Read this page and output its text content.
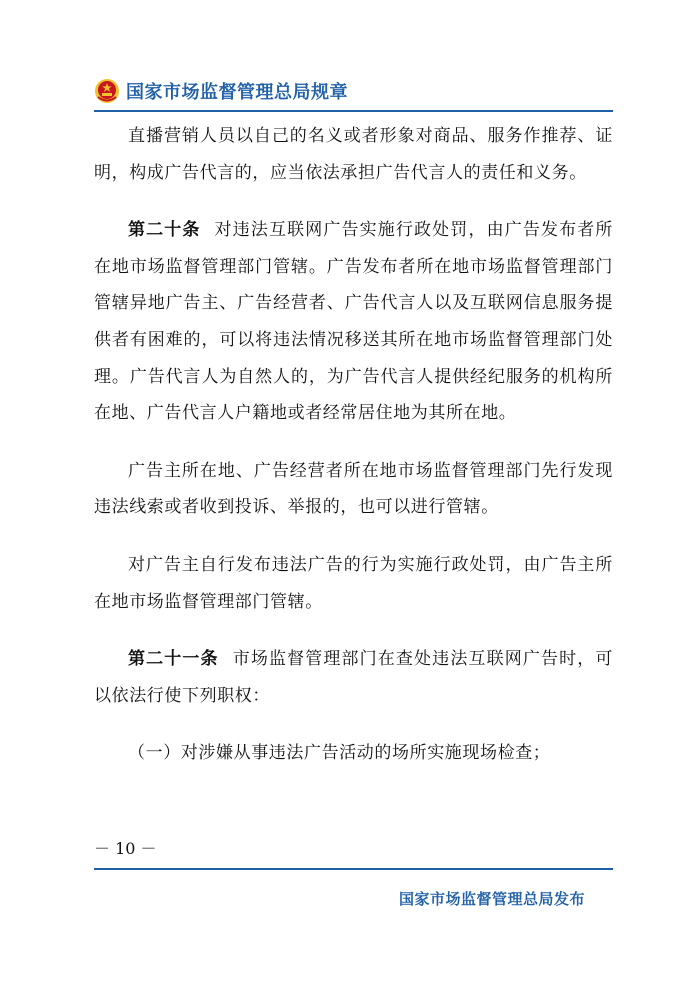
国家市场监督管理总局规章

直播营销人员以自己的名义或者形象对商品、服务作推荐、证明，构成广告代言的，应当依法承担广告代言人的责任和义务。

第二十条 对违法互联网广告实施行政处罚，由广告发布者所在地市场监督管理部门管辖。广告发布者所在地市场监督管理部门管辖异地广告主、广告经营者、广告代言人以及互联网信息服务提供者有困难的，可以将违法情况移送其所在地市场监督管理部门处理。广告代言人为自然人的，为广告代言人提供经纪服务的机构所在地、广告代言人户籍地或者经常居住地为其所在地。

广告主所在地、广告经营者所在地市场监督管理部门先行发现违法线索或者收到投诉、举报的，也可以进行管辖。

对广告主自行发布违法广告的行为实施行政处罚，由广告主所在地市场监督管理部门管辖。

第二十一条 市场监督管理部门在查处违法互联网广告时，可以依法行使下列职权：

（一）对涉嫌从事违法广告活动的场所实施现场检查；

－ 10 －
国家市场监督管理总局发布
